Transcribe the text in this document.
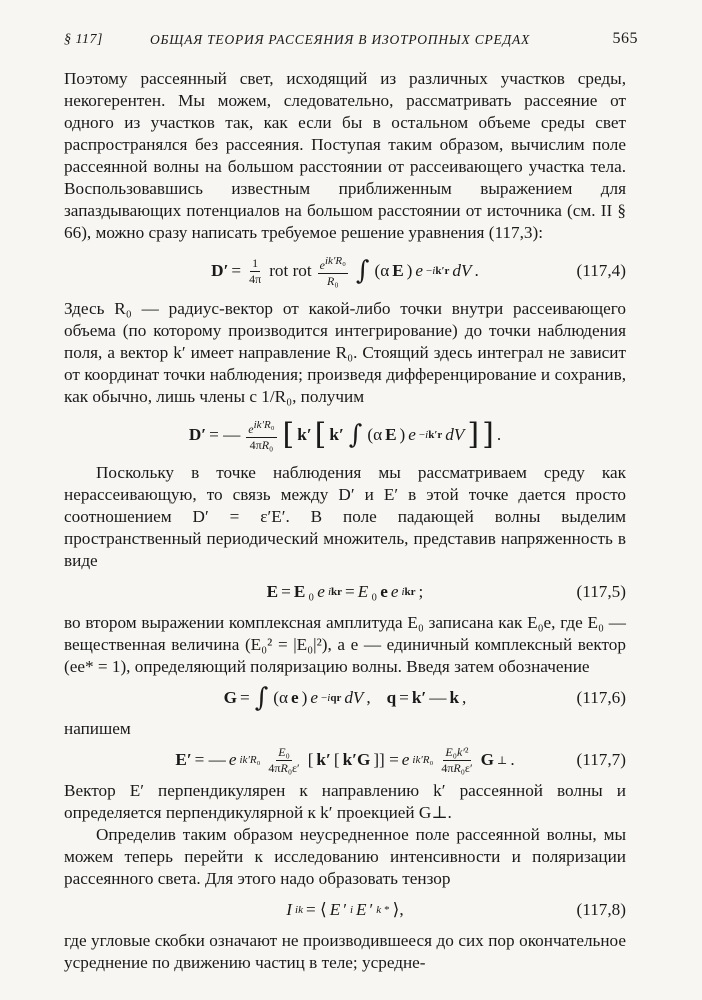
§ 117]	ОБЩАЯ ТЕОРИЯ РАССЕЯНИЯ В ИЗОТРОПНЫХ СРЕДАХ	565

Поэтому рассеянный свет, исходящий из различных участков среды, некогерентен. Мы можем, следовательно, рассматривать рассеяние от одного из участков так, как если бы в остальном объеме среды свет распространялся без рассеяния. Поступая таким образом, вычислим поле рассеянной волны на большом расстоянии от рассеивающего участка тела. Воспользовавшись известным приближенным выражением для запаздывающих потенциалов на большом расстоянии от источника (см. II § 66), можно сразу написать требуемое решение уравнения (117,3):

$D' = \frac{1}{4\pi}$ rot rot $\frac{e^{ik'R_0}}{\text{R₀}}$ ∫ (α E ) e −ik′r dV .	(117,4)

Здесь R₀ — радиус-вектор от какой-либо точки внутри рассеивающего объема (по которому производится интегрирование) до точки наблюдения поля, а вектор k′ имеет направление R₀. Стоящий здесь интеграл не зависит от координат точки наблюдения; произведя дифференцирование и сохранив, как обычно, лишь члены с 1/R₀, получим

D′ = — $\frac{e^{ik'R_0}}{\text{4πR₀}}$ [ k′ [ k′ ∫ (α E ) e −ik′r dV ] ] .

Поскольку в точке наблюдения мы рассматриваем среду как нерассеивающую, то связь между D′ и E′ в этой точке дается просто соотношением D′ = ε′E′. В поле падающей волны выделим пространственный периодический множитель, представив напряженность в виде

E = E ₀ e ikr = E ₀ e e ikr ;	(117,5)

во втором выражении комплексная амплитуда E₀ записана как E₀e, где E₀ — вещественная величина (E₀² = |E₀|²), а e — единичный комплексный вектор (ee* = 1), определяющий поляризацию волны. Введя затем обозначение

G = ∫ (α e ) e −iqr dV , q = k′ — k ,	(117,6)

напишем

E′ = — e $ik'R_0 \frac{\text{E₀}}{\text{4πR₀ε′}}$ [ k′ [ k′G ]] = e $ik'R_0 \frac{\text{E₀k′²}}{\text{4πR₀ε′}}$ G ⊥ .	(117,7)

Вектор E′ перпендикулярен к направлению k′ рассеянной волны и определяется перпендикулярной к k′ проекцией G⊥.

Определив таким образом неусредненное поле рассеянной волны, мы можем теперь перейти к исследованию интенсивности и поляризации рассеянного света. Для этого надо образовать тензор

I ik = ⟨ E ′ i E ′ k * ⟩,	(117,8)

где угловые скобки означают не производившееся до сих пор окончательное усреднение по движению частиц в теле; усредне-
